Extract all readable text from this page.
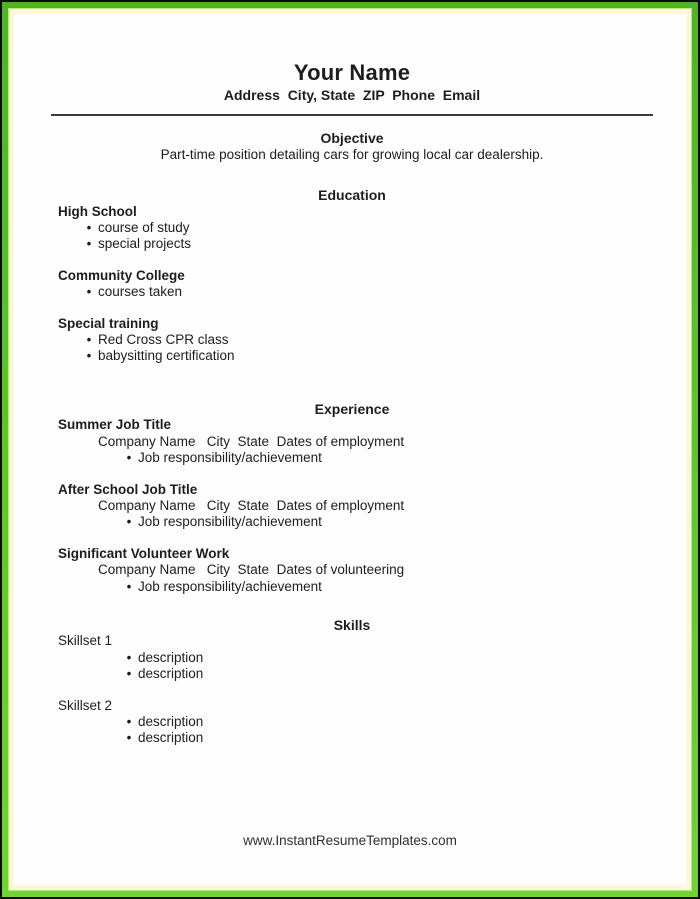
Your Name
Address  City, State  ZIP  Phone  Email
Objective
Part-time position detailing cars for growing local car dealership.
Education
High School
• course of study
• special projects
Community College
• courses taken
Special training
• Red Cross CPR class
• babysitting certification
Experience
Summer Job Title
Company Name   City  State  Dates of employment
• Job responsibility/achievement
After School Job Title
Company Name   City  State  Dates of employment
• Job responsibility/achievement
Significant Volunteer Work
Company Name   City  State  Dates of volunteering
• Job responsibility/achievement
Skills
Skillset 1
• description
• description
Skillset 2
• description
• description
www.InstantResumeTemplates.com
